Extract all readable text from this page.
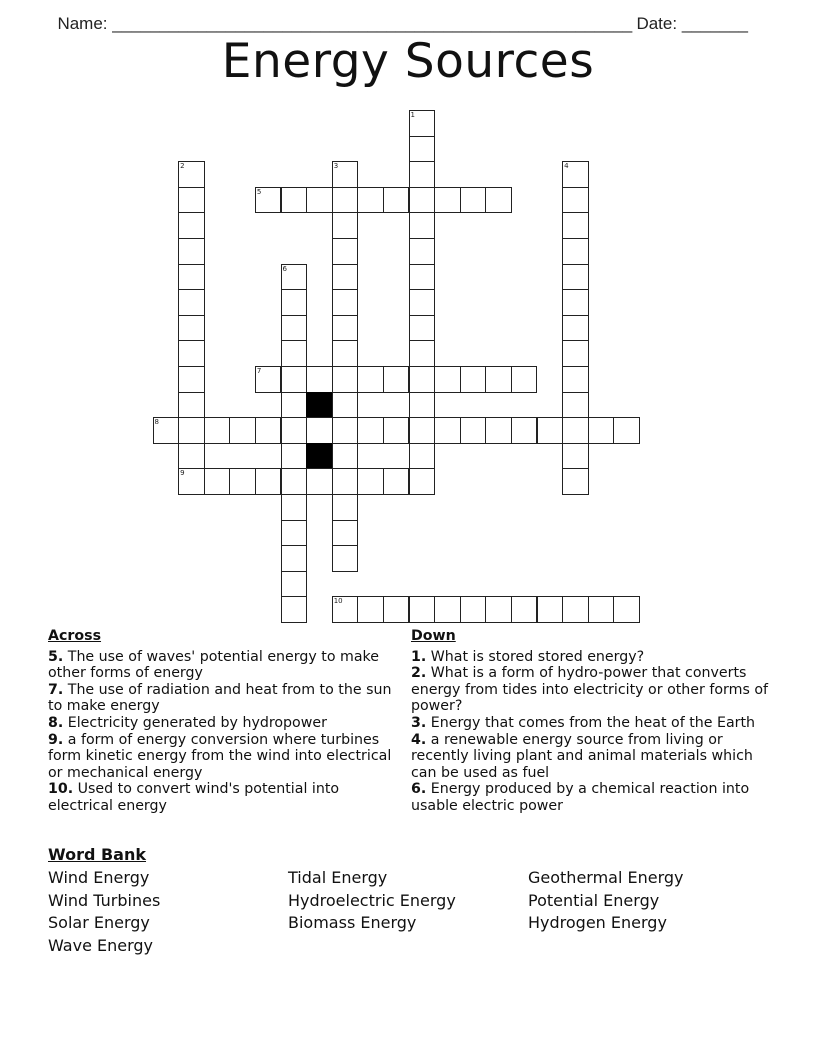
Name: _______________________________________________________ Date: _______

Energy Sources
1
2	3	4
5
6
7
8
9
10
Across
5. The use of waves' potential energy to make other forms of energy
7. The use of radiation and heat from to the sun to make energy
8. Electricity generated by hydropower
9. a form of energy conversion where turbines form kinetic energy from the wind into electrical or mechanical energy
10. Used to convert wind's potential into electrical energy
Down
1. What is stored stored energy?
2. What is a form of hydro-power that converts energy from tides into electricity or other forms of power?
3. Energy that comes from the heat of the Earth
4. a renewable energy source from living or recently living plant and animal materials which can be used as fuel
6. Energy produced by a chemical reaction into usable electric power
Word Bank
Wind Energy
Wind Turbines
Solar Energy
Wave Energy
Tidal Energy
Hydroelectric Energy
Biomass Energy
Geothermal Energy
Potential Energy
Hydrogen Energy
